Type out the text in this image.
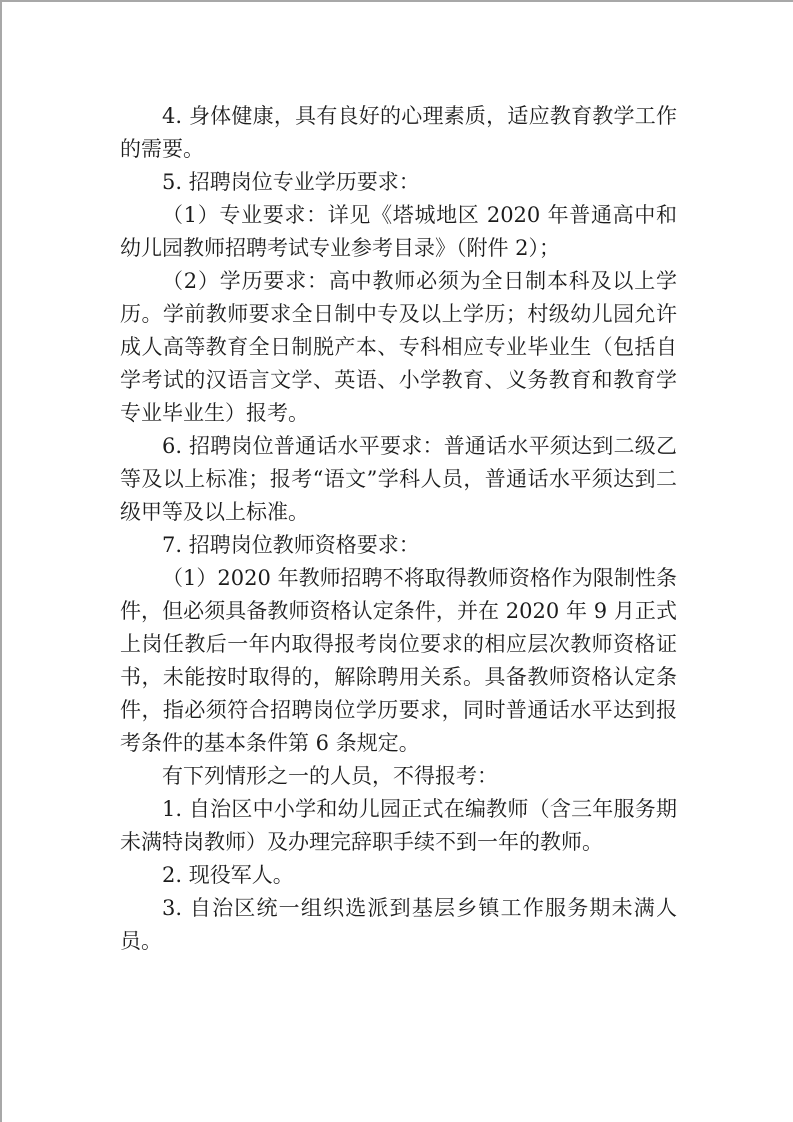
4. 身体健康，具有良好的心理素质，适应教育教学工作的需要。

5. 招聘岗位专业学历要求：

（1）专业要求：详见《塔城地区 2020 年普通高中和幼儿园教师招聘考试专业参考目录》（附件 2）；

（2）学历要求：高中教师必须为全日制本科及以上学历。学前教师要求全日制中专及以上学历；村级幼儿园允许成人高等教育全日制脱产本、专科相应专业毕业生（包括自学考试的汉语言文学、英语、小学教育、义务教育和教育学专业毕业生）报考。

6. 招聘岗位普通话水平要求：普通话水平须达到二级乙等及以上标准；报考“语文”学科人员，普通话水平须达到二级甲等及以上标准。

7. 招聘岗位教师资格要求：

（1）2020 年教师招聘不将取得教师资格作为限制性条件，但必须具备教师资格认定条件，并在 2020 年 9 月正式上岗任教后一年内取得报考岗位要求的相应层次教师资格证书，未能按时取得的，解除聘用关系。具备教师资格认定条件，指必须符合招聘岗位学历要求，同时普通话水平达到报考条件的基本条件第 6 条规定。

有下列情形之一的人员，不得报考：

1. 自治区中小学和幼儿园正式在编教师（含三年服务期未满特岗教师）及办理完辞职手续不到一年的教师。

2. 现役军人。

3. 自治区统一组织选派到基层乡镇工作服务期未满人员。
